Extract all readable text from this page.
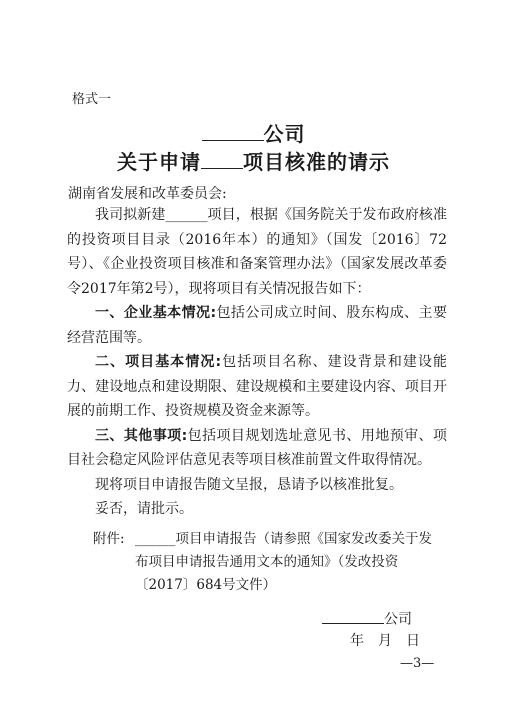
格式一
公司
关于申请 项目核准的请示
湖南省发展和改革委员会:

我司拟新建______项目，根据《国务院关于发布政府核准的投资项目目录（2016年本）的通知》（国发〔2016〕72号）、《企业投资项目核准和备案管理办法》（国家发展改革委令2017年第2号），现将项目有关情况报告如下：

一、企业基本情况:包括公司成立时间、股东构成、主要经营范围等。

二、项目基本情况:包括项目名称、建设背景和建设能力、建设地点和建设期限、建设规模和主要建设内容、项目开展的前期工作、投资规模及资金来源等。

三、其他事项:包括项目规划选址意见书、用地预审、项目社会稳定风险评估意见表等项目核准前置文件取得情况。

现将项目申请报告随文呈报，恳请予以核准批复。

妥否，请批示。

附件: ______项目申请报告（请参照《国家发改委关于发布项目申请报告通用文本的通知》（发改投资〔2017〕684号文件）
公司
年月日
—3—
